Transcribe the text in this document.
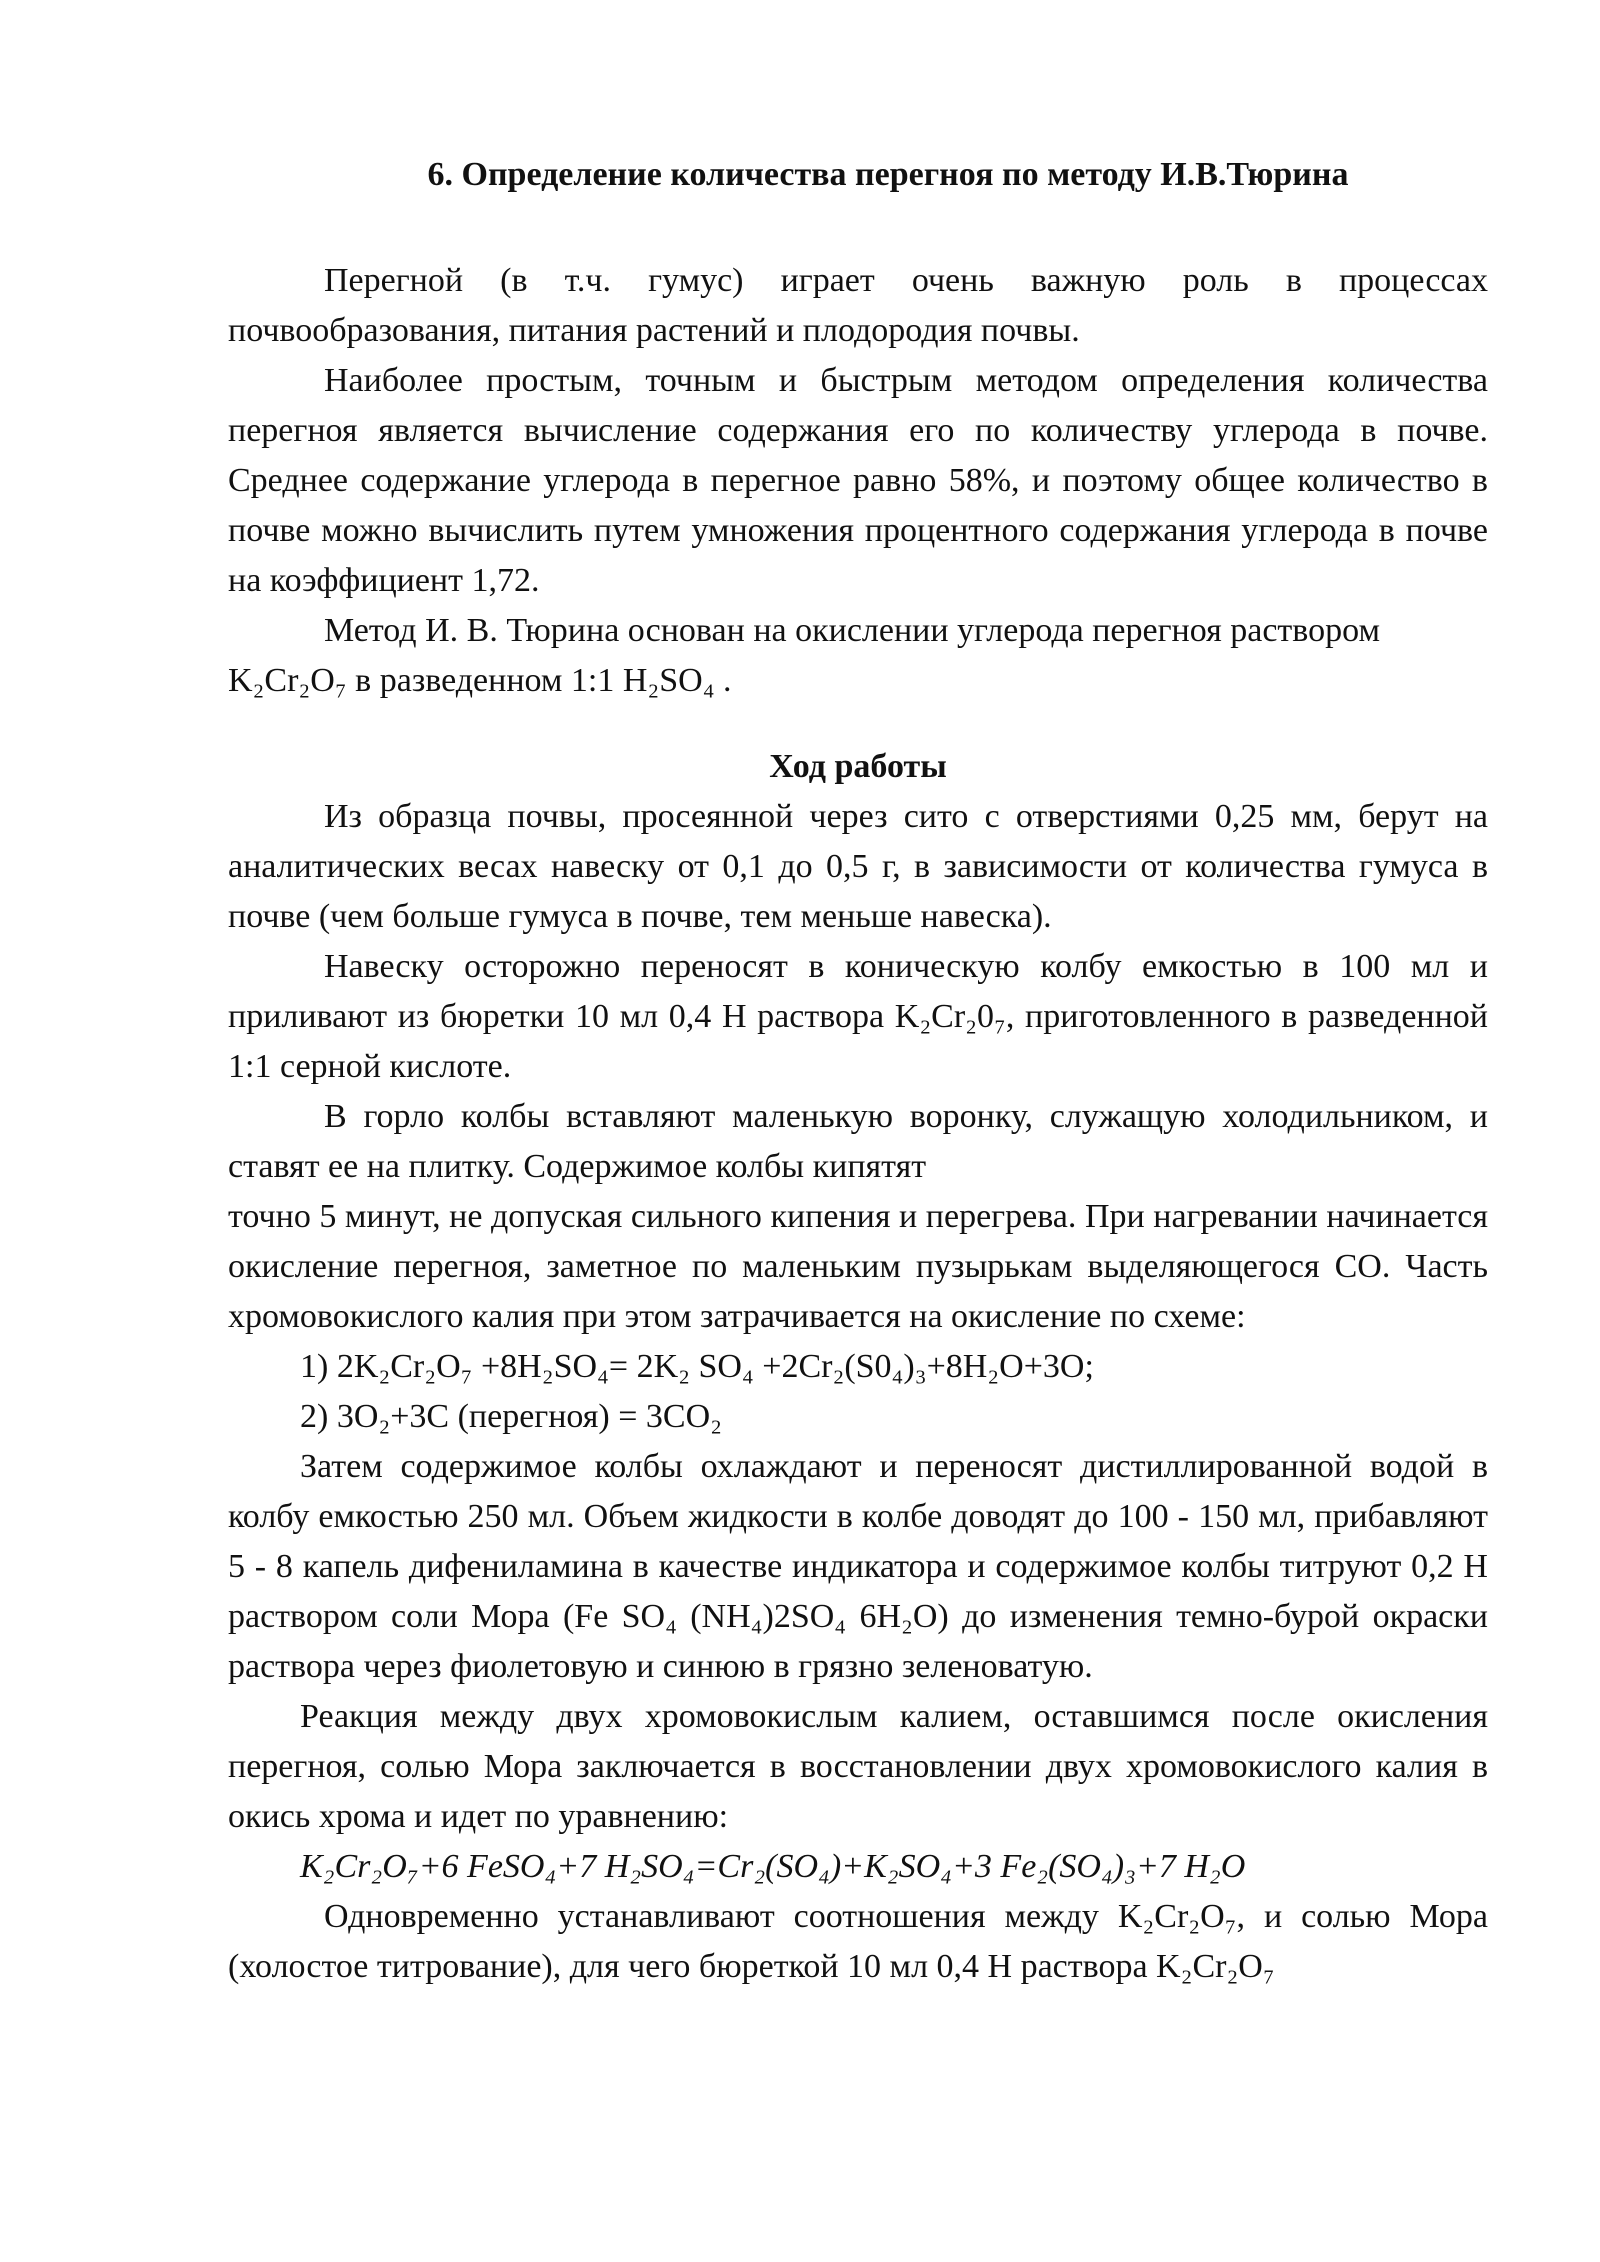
6. Определение количества перегноя по методу И.В.Тюрина

Перегной (в т.ч. гумус) играет очень важную роль в процессах почвообразования, питания растений и плодородия почвы.

Наиболее простым, точным и быстрым методом определения количества перегноя является вычисление содержания его по количеству углерода в почве. Среднее содержание углерода в перегное равно 58%, и поэтому общее количество в почве можно вычислить путем умножения процентного содержания углерода в почве на коэффициент 1,72.

Метод И. В. Тюрина основан на окислении углерода перегноя раствором K₂Cr₂O₇ в разведенном 1:1 H₂SO₄ .

Ход работы

Из образца почвы, просеянной через сито с отверстиями 0,25 мм, берут на аналитических весах навеску от 0,1 до 0,5 г, в зависимости от количества гумуса в почве (чем больше гумуса в почве, тем меньше навеска).

Навеску осторожно переносят в коническую колбу емкостью в 100 мл и приливают из бюретки 10 мл 0,4 Н раствора K₂Cr₂0₇, приготовленного в разведенной 1:1 серной кислоте.

В горло колбы вставляют маленькую воронку, служащую холодильником, и ставят ее на плитку. Содержимое колбы кипятят

точно 5 минут, не допуская сильного кипения и перегрева. При нагревании начинается окисление перегноя, заметное по маленьким пузырькам выделяющегося СО. Часть хромовокислого калия при этом затрачивается на окисление по схеме:

1) 2K₂Cr₂O₇ +8H₂SO₄= 2K₂ SO₄ +2Cr₂(S0₄)₃+8H₂O+3O;

2) 3O₂+3C (перегноя) = 3CO₂

Затем содержимое колбы охлаждают и переносят дистиллированной водой в колбу емкостью 250 мл. Объем жидкости в колбе доводят до 100 - 150 мл, прибавляют 5 - 8 капель дифениламина в качестве индикатора и содержимое колбы титруют 0,2 Н раствором соли Мора (Fe SO₄ (NH₄)2SO₄ 6H₂O) до изменения темно-бурой окраски раствора через фиолетовую и синюю в грязно зеленоватую.

Реакция между двух хромовокислым калием, оставшимся после окисления перегноя, солью Мора заключается в восстановлении двух хромовокислого калия в окись хрома и идет по уравнению:

K₂Cr₂O₇+6 FeSO₄+7 H₂SO₄=Cr₂(SO₄)+K₂SO₄+3 Fe₂(SO₄)₃+7 H₂O

Одновременно устанавливают соотношения между K₂Cr₂O₇, и солью Мора (холостое титрование), для чего бюреткой 10 мл 0,4 Н раствора K₂Cr₂O₇
